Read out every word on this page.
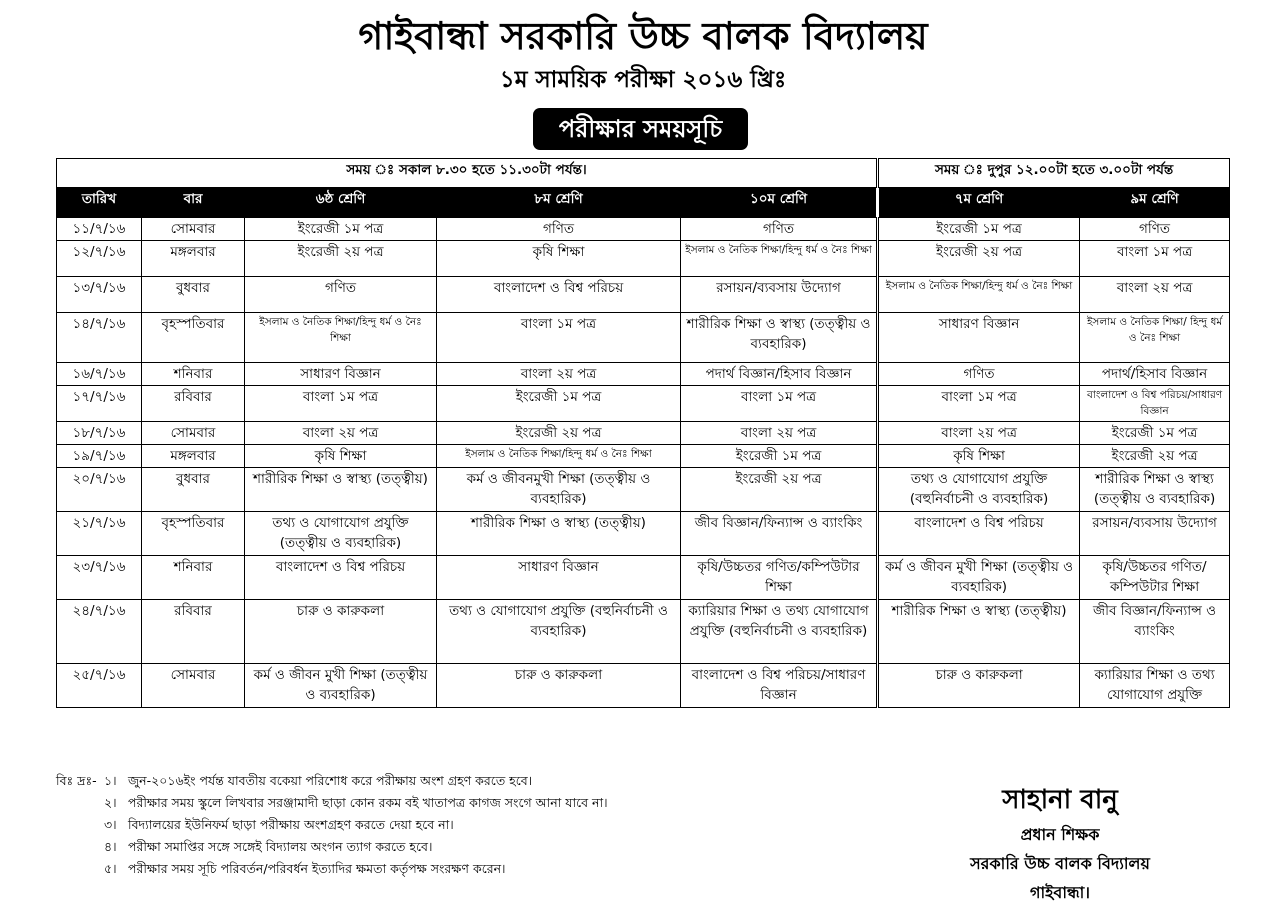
গাইবান্ধা সরকারি উচ্চ বালক বিদ্যালয়
১ম সাময়িক পরীক্ষা ২০১৬ খ্রিঃ
পরীক্ষার সময়সূচি
সময় ঃ সকাল ৮.৩০ হতে ১১.৩০টা পর্যন্ত।					সময় ঃ দুপুর ১২.০০টা হতে ৩.০০টা পর্যন্ত	
তারিখ	বার	৬ষ্ঠ শ্রেণি	৮ম শ্রেণি	১০ম শ্রেণি	৭ম শ্রেণি	৯ম শ্রেণি
১১/৭/১৬	সোমবার	ইংরেজী ১ম পত্র	গণিত	গণিত	ইংরেজী ১ম পত্র	গণিত
১২/৭/১৬	মঙ্গলবার	ইংরেজী ২য় পত্র	কৃষি শিক্ষা	ইসলাম ও নৈতিক শিক্ষা/হিন্দু ধর্ম ও নৈঃ শিক্ষা	ইংরেজী ২য় পত্র	বাংলা ১ম পত্র
১৩/৭/১৬	বুধবার	গণিত	বাংলাদেশ ও বিশ্ব পরিচয়	রসায়ন/ব্যবসায় উদ্যোগ	ইসলাম ও নৈতিক শিক্ষা/হিন্দু ধর্ম ও নৈঃ শিক্ষা	বাংলা ২য় পত্র
১৪/৭/১৬	বৃহস্পতিবার	ইসলাম ও নৈতিক শিক্ষা/হিন্দু ধর্ম ও নৈঃ শিক্ষা	বাংলা ১ম পত্র	শারীরিক শিক্ষা ও স্বাস্থ্য (তত্ত্বীয় ও ব্যবহারিক)	সাধারণ বিজ্ঞান	ইসলাম ও নৈতিক শিক্ষা/ হিন্দু ধর্ম ও নৈঃ শিক্ষা
১৬/৭/১৬	শনিবার	সাধারণ বিজ্ঞান	বাংলা ২য় পত্র	পদার্থ বিজ্ঞান/হিসাব বিজ্ঞান	গণিত	পদার্থ/হিসাব বিজ্ঞান
১৭/৭/১৬	রবিবার	বাংলা ১ম পত্র	ইংরেজী ১ম পত্র	বাংলা ১ম পত্র	বাংলা ১ম পত্র	বাংলাদেশ ও বিশ্ব পরিচয়/সাধারণ বিজ্ঞান
১৮/৭/১৬	সোমবার	বাংলা ২য় পত্র	ইংরেজী ২য় পত্র	বাংলা ২য় পত্র	বাংলা ২য় পত্র	ইংরেজী ১ম পত্র
১৯/৭/১৬	মঙ্গলবার	কৃষি শিক্ষা	ইসলাম ও নৈতিক শিক্ষা/হিন্দু ধর্ম ও নৈঃ শিক্ষা	ইংরেজী ১ম পত্র	কৃষি শিক্ষা	ইংরেজী ২য় পত্র
২০/৭/১৬	বুধবার	শারীরিক শিক্ষা ও স্বাস্থ্য (তত্ত্বীয়)	কর্ম ও জীবনমুখী শিক্ষা (তত্ত্বীয় ও ব্যবহারিক)	ইংরেজী ২য় পত্র	তথ্য ও যোগাযোগ প্রযুক্তি (বহুনির্বাচনী ও ব্যবহারিক)	শারীরিক শিক্ষা ও স্বাস্থ্য (তত্ত্বীয় ও ব্যবহারিক)
২১/৭/১৬	বৃহস্পতিবার	তথ্য ও যোগাযোগ প্রযুক্তি (তত্ত্বীয় ও ব্যবহারিক)	শারীরিক শিক্ষা ও স্বাস্থ্য (তত্ত্বীয়)	জীব বিজ্ঞান/ফিন্যান্স ও ব্যাংকিং	বাংলাদেশ ও বিশ্ব পরিচয়	রসায়ন/ব্যবসায় উদ্যোগ
২৩/৭/১৬	শনিবার	বাংলাদেশ ও বিশ্ব পরিচয়	সাধারণ বিজ্ঞান	কৃষি/উচ্চতর গণিত/কম্পিউটার শিক্ষা	কর্ম ও জীবন মুখী শিক্ষা (তত্ত্বীয় ও ব্যবহারিক)	কৃষি/উচ্চতর গণিত/কম্পিউটার শিক্ষা
২৪/৭/১৬	রবিবার	চারু ও কারুকলা	তথ্য ও যোগাযোগ প্রযুক্তি (বহুনির্বাচনী ও ব্যবহারিক)	ক্যারিয়ার শিক্ষা ও তথ্য যোগাযোগ প্রযুক্তি (বহুনির্বাচনী ও ব্যবহারিক)	শারীরিক শিক্ষা ও স্বাস্থ্য (তত্ত্বীয়)	জীব বিজ্ঞান/ফিন্যান্স ও ব্যাংকিং
২৫/৭/১৬	সোমবার	কর্ম ও জীবন মুখী শিক্ষা (তত্ত্বীয় ও ব্যবহারিক)	চারু ও কারুকলা	বাংলাদেশ ও বিশ্ব পরিচয়/সাধারণ বিজ্ঞান	চারু ও কারুকলা	ক্যারিয়ার শিক্ষা ও তথ্য যোগাযোগ প্রযুক্তি
বিঃ দ্রঃ- ১। জুন-২০১৬ইং পর্যন্ত যাবতীয় বকেয়া পরিশোধ করে পরীক্ষায় অংশ গ্রহণ করতে হবে।
২। পরীক্ষার সময় স্কুলে লিখবার সরঞ্জামাদী ছাড়া কোন রকম বই খাতাপত্র কাগজ সংগে আনা যাবে না।
৩। বিদ্যালয়ের ইউনিফর্ম ছাড়া পরীক্ষায় অংশগ্রহণ করতে দেয়া হবে না।
৪। পরীক্ষা সমাপ্তির সঙ্গে সঙ্গেই বিদ্যালয় অংগন ত্যাগ করতে হবে।
৫। পরীক্ষার সময় সূচি পরিবর্তন/পরিবর্ধন ইত্যাদির ক্ষমতা কর্তৃপক্ষ সংরক্ষণ করেন।
সাহানা বানু
প্রধান শিক্ষক
সরকারি উচ্চ বালক বিদ্যালয়
গাইবান্ধা।
